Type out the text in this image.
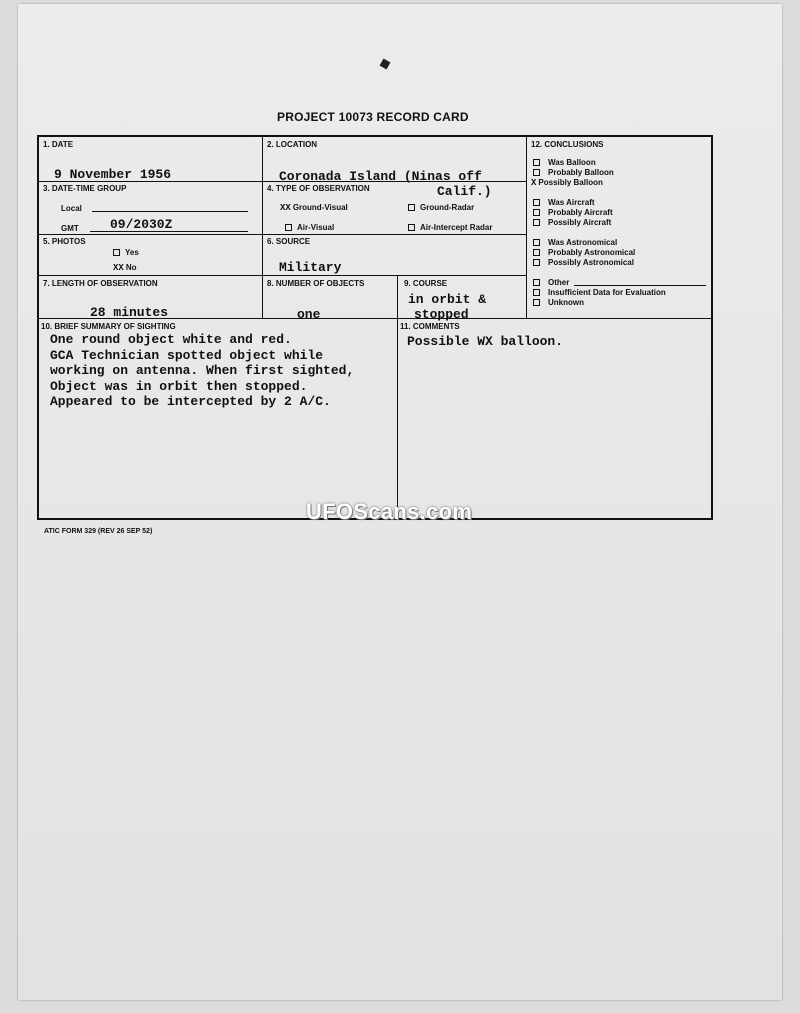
PROJECT 10073 RECORD CARD
1. DATE
9 November 1956
2. LOCATION
Coronada Island (Ninas off
Calif.)
3. DATE-TIME GROUP
Local
GMT 09/2030Z
4. TYPE OF OBSERVATION
XX Ground-Visual	Ground-Radar
Air-Visual	Air-Intercept Radar
5. PHOTOS
Yes
XX No
6. SOURCE
Military
7. LENGTH OF OBSERVATION
28 minutes
8. NUMBER OF OBJECTS
one
9. COURSE
in orbit &
stopped
10. BRIEF SUMMARY OF SIGHTING
One round object white and red.
GCA Technician spotted object while
working on antenna. When first sighted,
Object was in orbit then stopped.
Appeared to be intercepted by 2 A/C.
11. COMMENTS
Possible WX balloon.
12. CONCLUSIONS
Was Balloon
Probably Balloon
X Possibly Balloon
Was Aircraft
Probably Aircraft
Possibly Aircraft
Was Astronomical
Probably Astronomical
Possibly Astronomical
Other
Insufficient Data for Evaluation
Unknown
ATIC FORM 329 (REV 26 SEP 52)
UFOScans.com
